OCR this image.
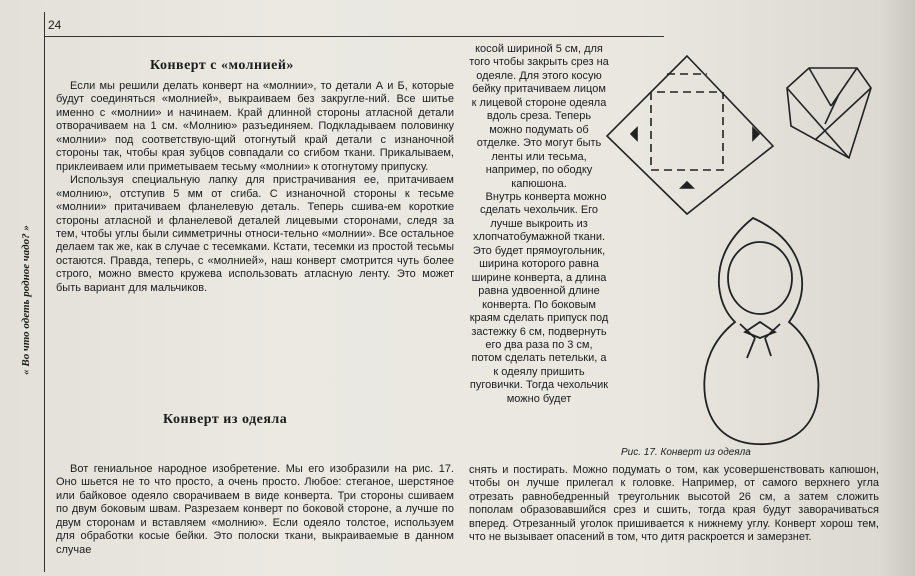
24
« Во что одеть родное чадо? »
Конверт с «молнией»

Если мы решили делать конверт на «молнии», то детали А и Б, которые будут соединяться «молнией», выкраиваем без закругле-ний. Все шитье именно с «молнии» и начинаем. Край длинной стороны атласной детали отворачиваем на 1 см. «Молнию» разъединяем. Подкладываем половинку «молнии» под соответствую-щий отогнутый край детали с изнаночной стороны так, чтобы края зубцов совпадали со сгибом ткани. Прикалываем, приклеиваем или приметываем тесьму «молнии» к отогнутому припуску.

Используя специальную лапку для пристрачивания ее, притачиваем «молнию», отступив 5 мм от сгиба. С изнаночной стороны к тесьме «молнии» притачиваем фланелевую деталь. Теперь сшива-ем короткие стороны атласной и фланелевой деталей лицевыми сторонами, следя за тем, чтобы углы были симметричны относи-тельно «молнии». Все остальное делаем так же, как в случае с тесемками. Кстати, тесемки из простой тесьмы остаются. Правда, теперь, с «молнией», наш конверт смотрится чуть более строго, можно вместо кружева использовать атласную ленту. Это может быть вариант для мальчиков.

Конверт из одеяла

Вот гениальное народное изобретение. Мы его изобразили на рис. 17. Оно шьется не то что просто, а очень просто. Любое: стеганое, шерстяное или байковое одеяло сворачиваем в виде конверта. Три стороны сшиваем по двум боковым швам. Разрезаем конверт по боковой стороне, а лучше по двум сторонам и вставляем «молнию». Если одеяло толстое, используем для обработки косые бейки. Это полоски ткани, выкраиваемые в данном случае

косой шириной 5 см, для того чтобы закрыть срез на одеяле. Для этого косую бейку притачиваем лицом к лицевой стороне одеяла вдоль среза. Теперь можно подумать об отделке. Это могут быть ленты или тесьма, например, по ободку капюшона.

Внутрь конверта можно сделать чехольчик. Его лучше выкроить из хлопчатобумажной ткани. Это будет прямоугольник, ширина которого равна ширине конверта, а длина равна удвоенной длине конверта. По боковым краям сделать припуск под застежку 6 см, подвернуть его два раза по 3 см, потом сделать петельки, а к одеялу пришить пуговички. Тогда чехольчик можно будет

снять и постирать. Можно подумать о том, как усовершенствовать капюшон, чтобы он лучше прилегал к головке. Например, от самого верхнего угла отрезать равнобедренный треугольник высотой 26 см, а затем сложить пополам образовавшийся срез и сшить, тогда края будут заворачиваться вперед. Отрезанный уголок пришивается к нижнему углу. Конверт хорош тем, что не вызывает опасений в том, что дитя раскроется и замерзнет.

Рис. 17. Конверт из одеяла
